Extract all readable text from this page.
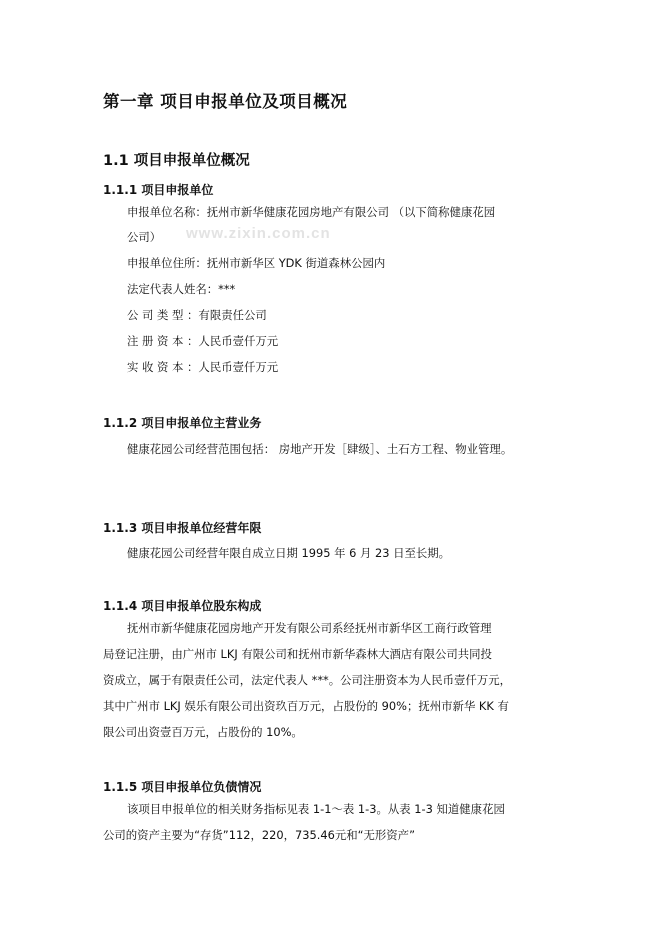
www.zixin.com.cn
第一章 项目申报单位及项目概况
1.1 项目申报单位概况
1.1.1 项目申报单位
申报单位名称：抚州市新华健康花园房地产有限公司 （以下简称健康花园
公司）
申报单位住所：抚州市新华区 YDK 街道森林公园内
法定代表人姓名：***
公 司 类 型 ：有限责任公司
注 册 资 本 ：人民币壹仟万元
实 收 资 本 ：人民币壹仟万元
1.1.2 项目申报单位主营业务
健康花园公司经营范围包括： 房地产开发［肆级］、土石方工程、物业管理。
1.1.3 项目申报单位经营年限
健康花园公司经营年限自成立日期 1995 年 6 月 23 日至长期。
1.1.4 项目申报单位股东构成
抚州市新华健康花园房地产开发有限公司系经抚州市新华区工商行政管理
局登记注册，由广州市 LKJ 有限公司和抚州市新华森林大酒店有限公司共同投
资成立，属于有限责任公司，法定代表人 ***。公司注册资本为人民币壹仟万元，
其中广州市 LKJ 娱乐有限公司出资玖百万元，占股份的 90%；抚州市新华 KK 有
限公司出资壹百万元，占股份的 10%。
1.1.5 项目申报单位负债情况
该项目申报单位的相关财务指标见表 1-1～表 1-3。从表 1-3 知道健康花园
公司的资产主要为“存货”112，220，735.46元和“无形资产”
